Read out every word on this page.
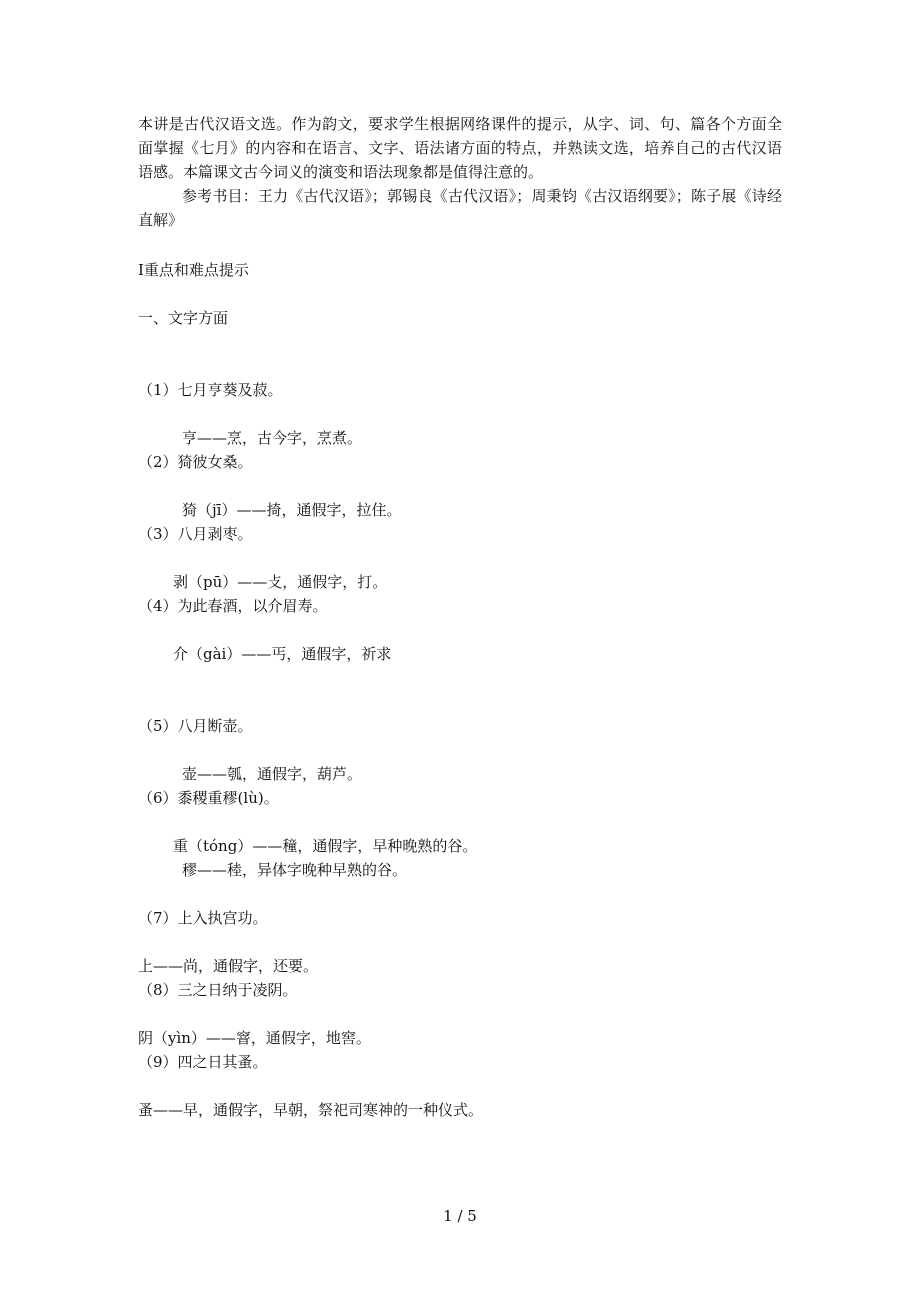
本讲是古代汉语文选。作为韵文，要求学生根据网络课件的提示，从字、词、句、篇各个方面全面掌握《七月》的内容和在语言、文字、语法诸方面的特点，并熟读文选，培养自己的古代汉语语感。本篇课文古今词义的演变和语法现象都是值得注意的。

参考书目：王力《古代汉语》；郭锡良《古代汉语》；周秉钧《古汉语纲要》；陈子展《诗经直解》

Ⅰ重点和难点提示
一、文字方面
（1）七月亨葵及菽。
亨——烹，古今字，烹煮。
（2）猗彼女桑。
猗（jī）——掎，通假字，拉住。
（3）八月剥枣。
剥（pū）——攴，通假字，打。
（4）为此春酒，以介眉寿。
介（gài）——丐，通假字，祈求
（5）八月断壶。
壶——瓠，通假字，葫芦。
（6）黍稷重穋(lù)。
重（tóng）——穜，通假字，早种晚熟的谷。
穋——稑，异体字晚种早熟的谷。
（7）上入执宫功。
上——尚，通假字，还要。
（8）三之日纳于凌阴。
阴（yìn）——窨，通假字，地窖。
（9）四之日其蚤。
蚤——早，通假字，早朝，祭祀司寒神的一种仪式。
1 / 5
